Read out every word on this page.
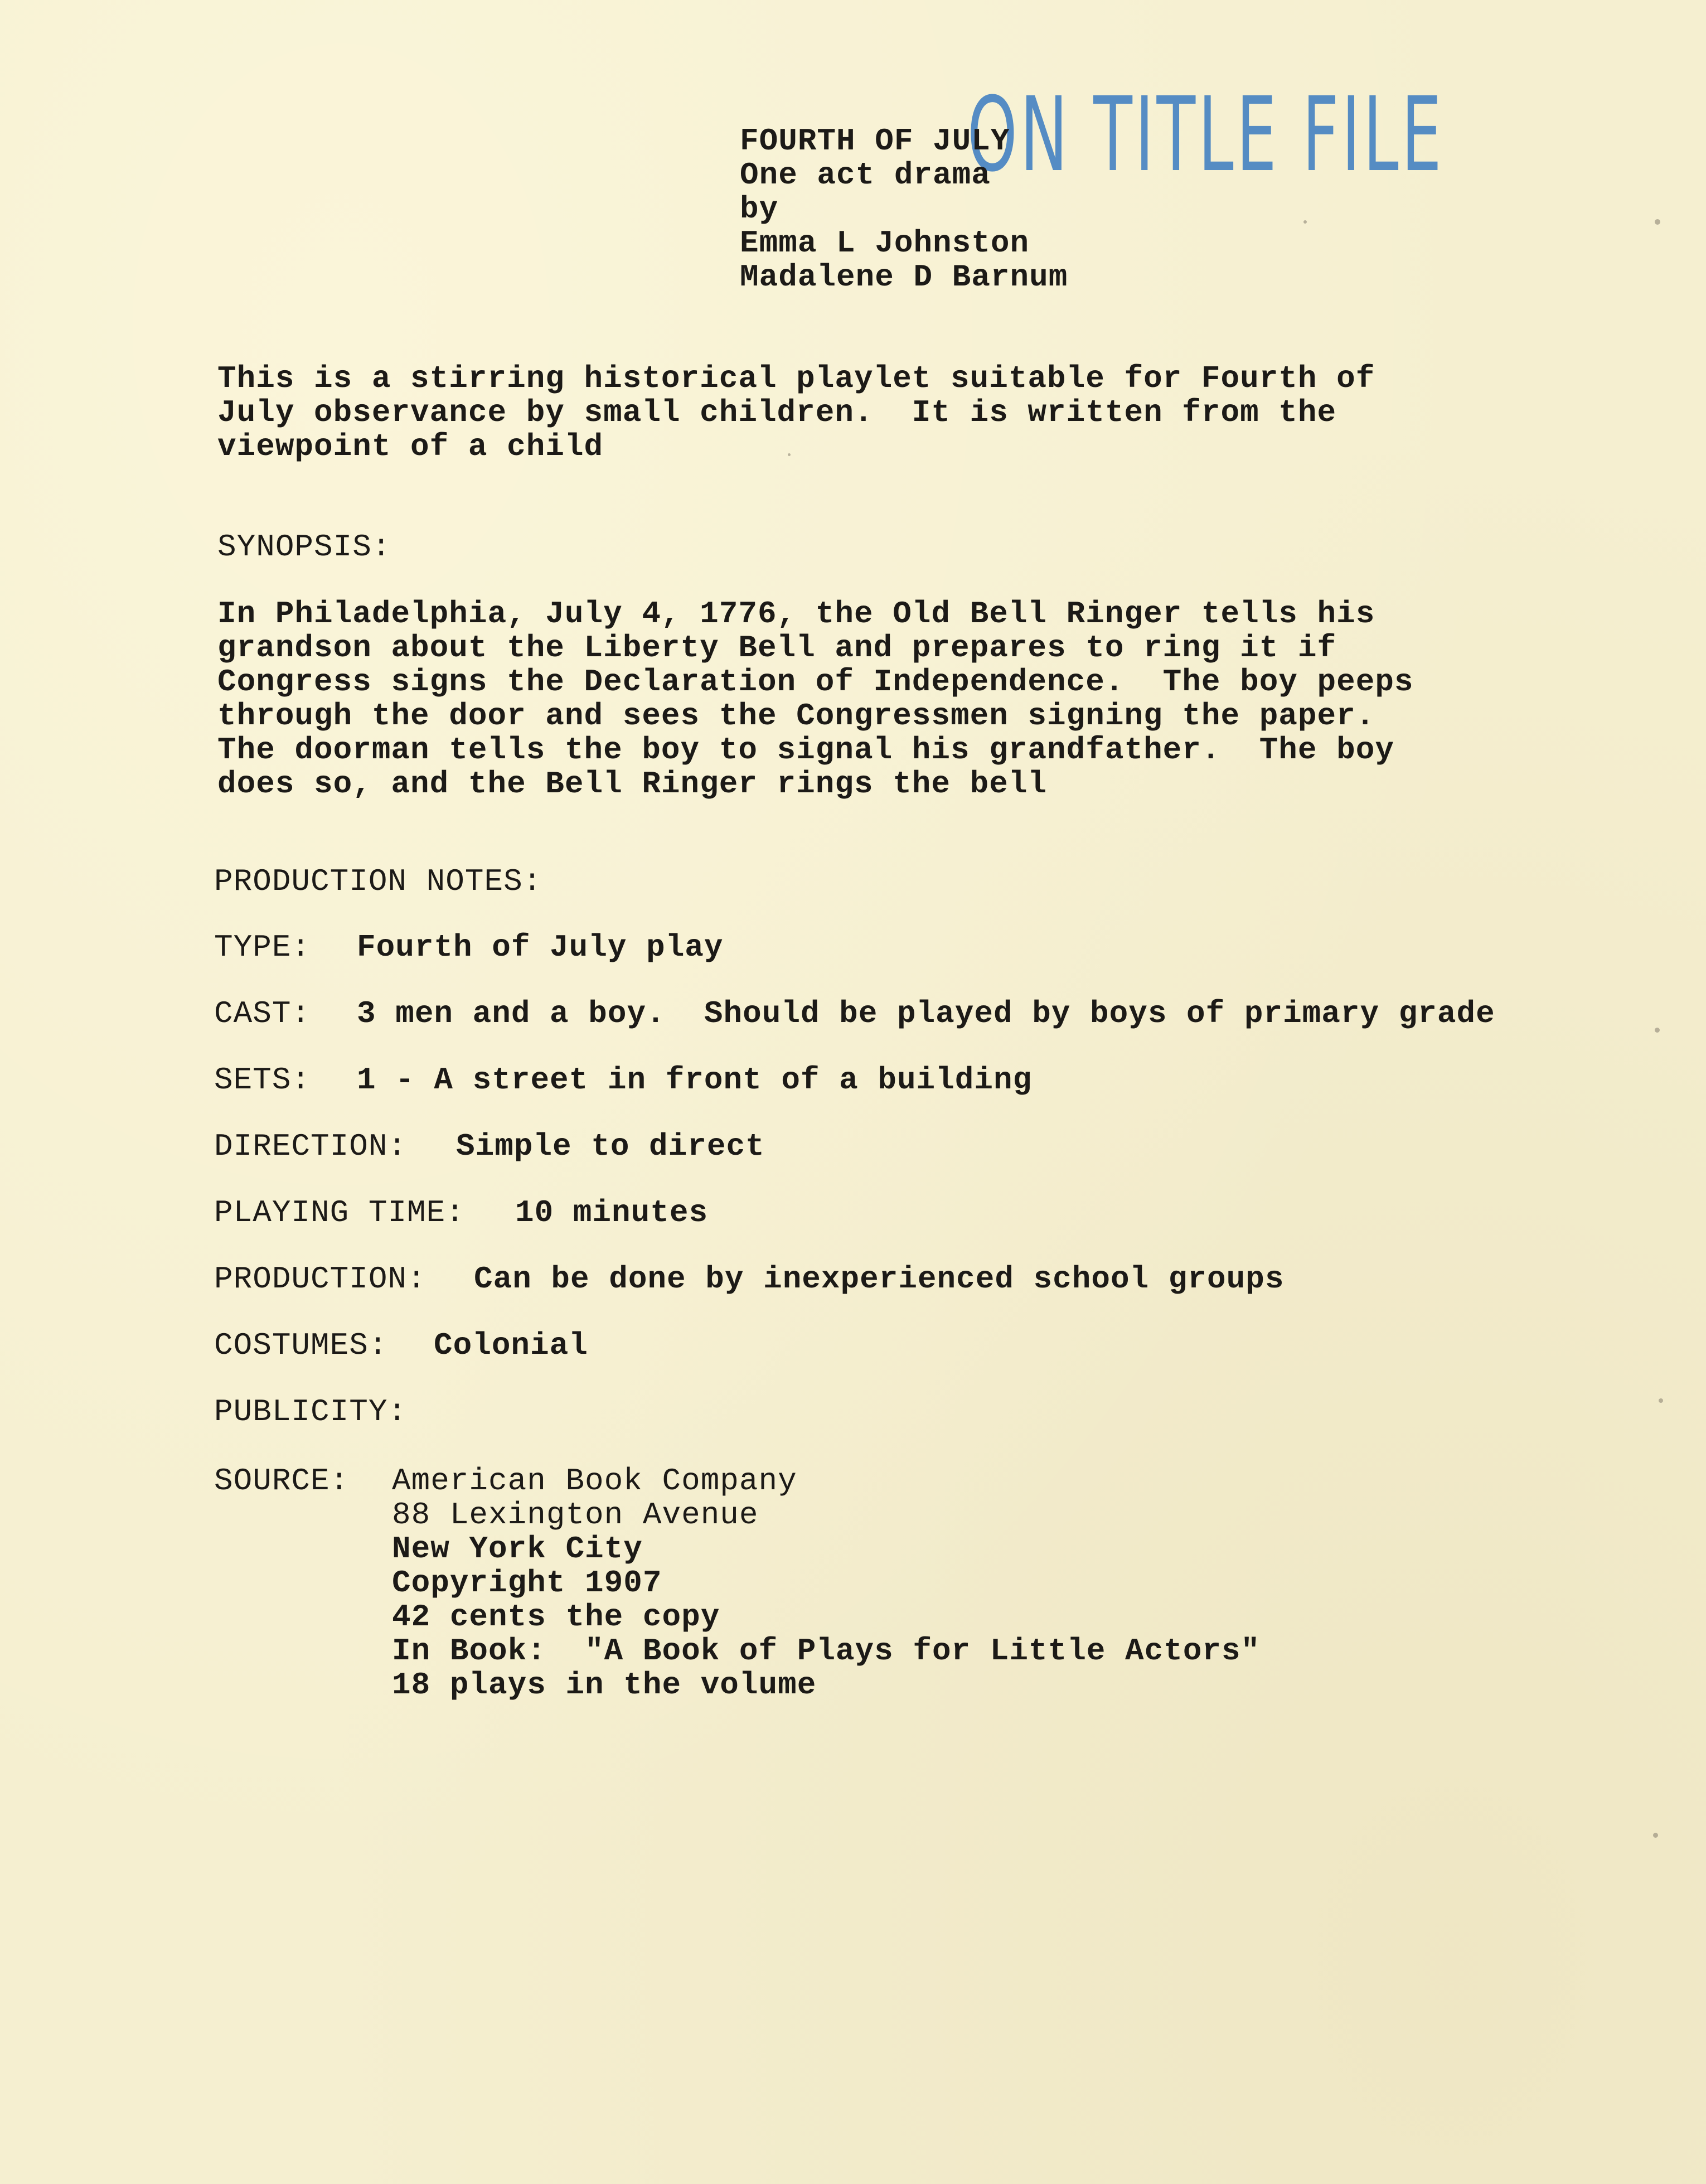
ON TITLE FILE
FOURTH OF JULY
One act drama
by
Emma L Johnston
Madalene D Barnum
This is a stirring historical playlet suitable for Fourth of
July observance by small children.  It is written from the
viewpoint of a child
SYNOPSIS:
In Philadelphia, July 4, 1776, the Old Bell Ringer tells his
grandson about the Liberty Bell and prepares to ring it if
Congress signs the Declaration of Independence.  The boy peeps
through the door and sees the Congressmen signing the paper.
The doorman tells the boy to signal his grandfather.  The boy
does so, and the Bell Ringer rings the bell
PRODUCTION NOTES:
TYPE: Fourth of July play
CAST: 3 men and a boy.  Should be played by boys of primary grade
SETS: 1 - A street in front of a building
DIRECTION: Simple to direct
PLAYING TIME: 10 minutes
PRODUCTION: Can be done by inexperienced school groups
COSTUMES: Colonial
PUBLICITY:
SOURCE: American Book Company
88 Lexington Avenue
New York City
Copyright 1907
42 cents the copy
In Book:  "A Book of Plays for Little Actors"
18 plays in the volume
